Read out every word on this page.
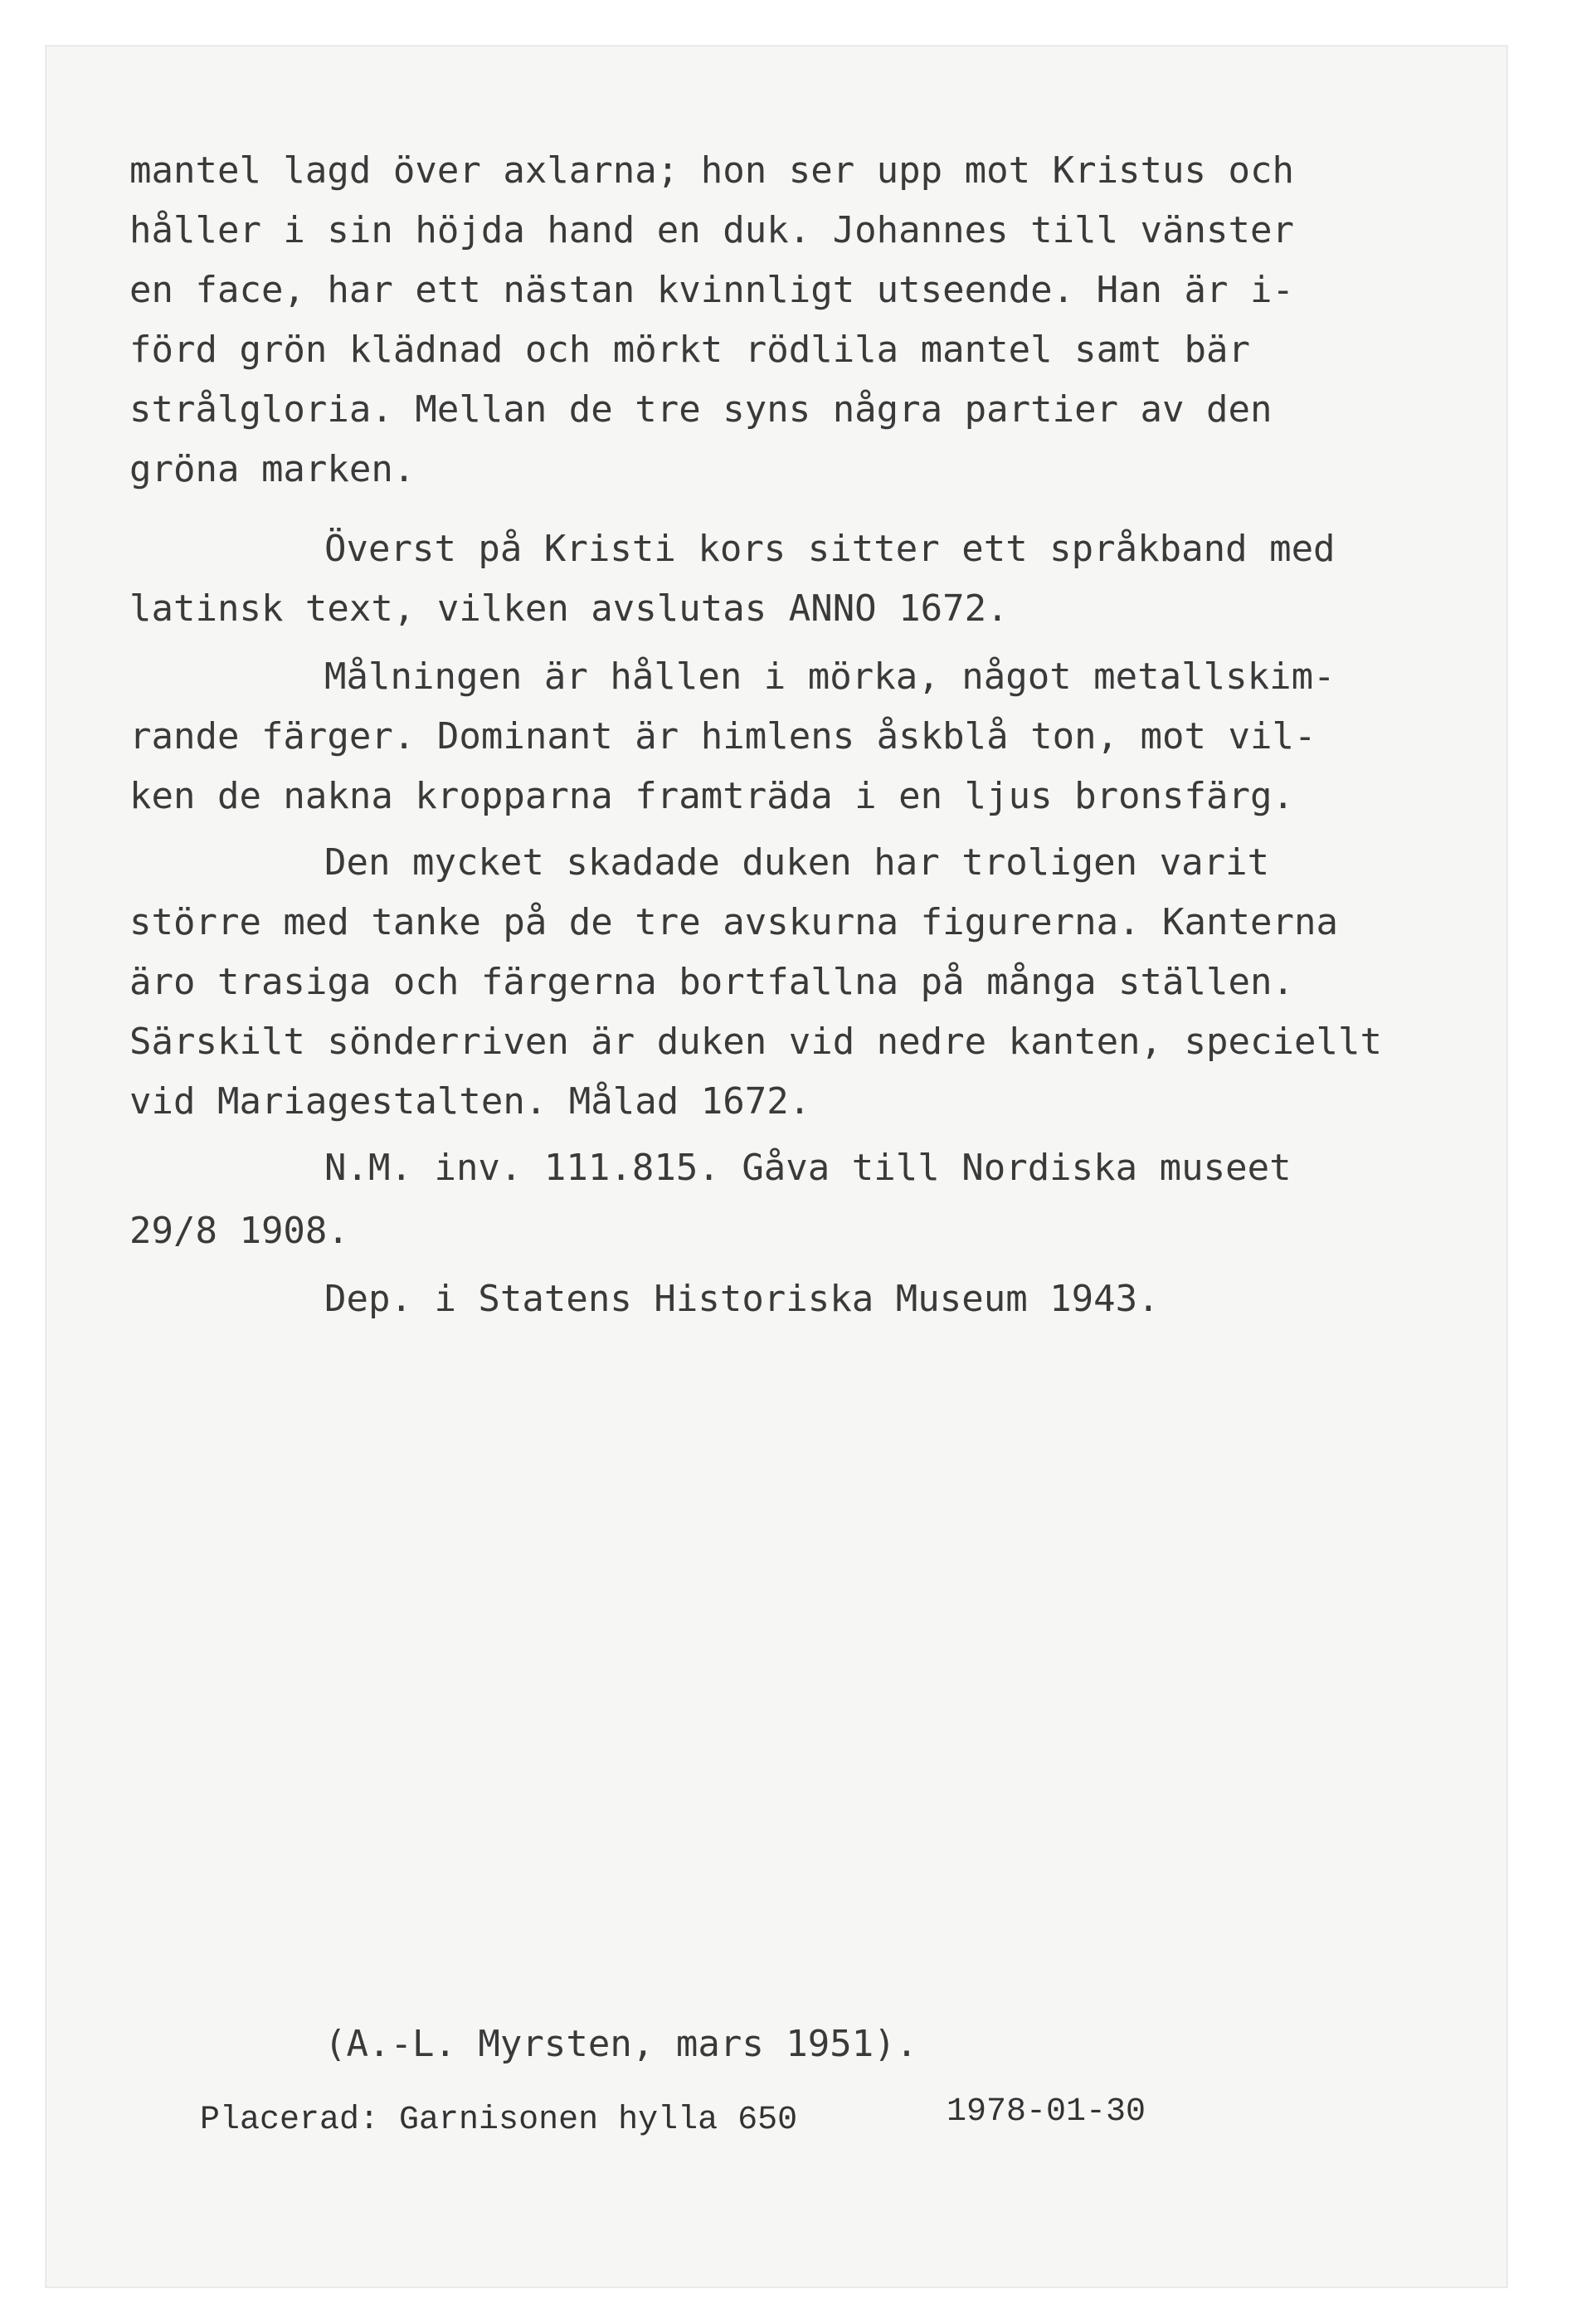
mantel lagd över axlarna; hon ser upp mot Kristus och
håller i sin höjda hand en duk. Johannes till vänster
en face, har ett nästan kvinnligt utseende. Han är i-
förd grön klädnad och mörkt rödlila mantel samt bär
strålgloria. Mellan de tre syns några partier av den
gröna marken.
Överst på Kristi kors sitter ett språkband med
latinsk text, vilken avslutas ANNO 1672.
Målningen är hållen i mörka, något metallskim-
rande färger. Dominant är himlens åskblå ton, mot vil-
ken de nakna kropparna framträda i en ljus bronsfärg.
Den mycket skadade duken har troligen varit
större med tanke på de tre avskurna figurerna. Kanterna
äro trasiga och färgerna bortfallna på många ställen.
Särskilt sönderriven är duken vid nedre kanten, speciellt
vid Mariagestalten. Målad 1672.
N.M. inv. 111.815. Gåva till Nordiska museet
29/8 1908.
Dep. i Statens Historiska Museum 1943.
(A.-L. Myrsten, mars 1951).
Placerad: Garnisonen hylla 650	1978-01-30
